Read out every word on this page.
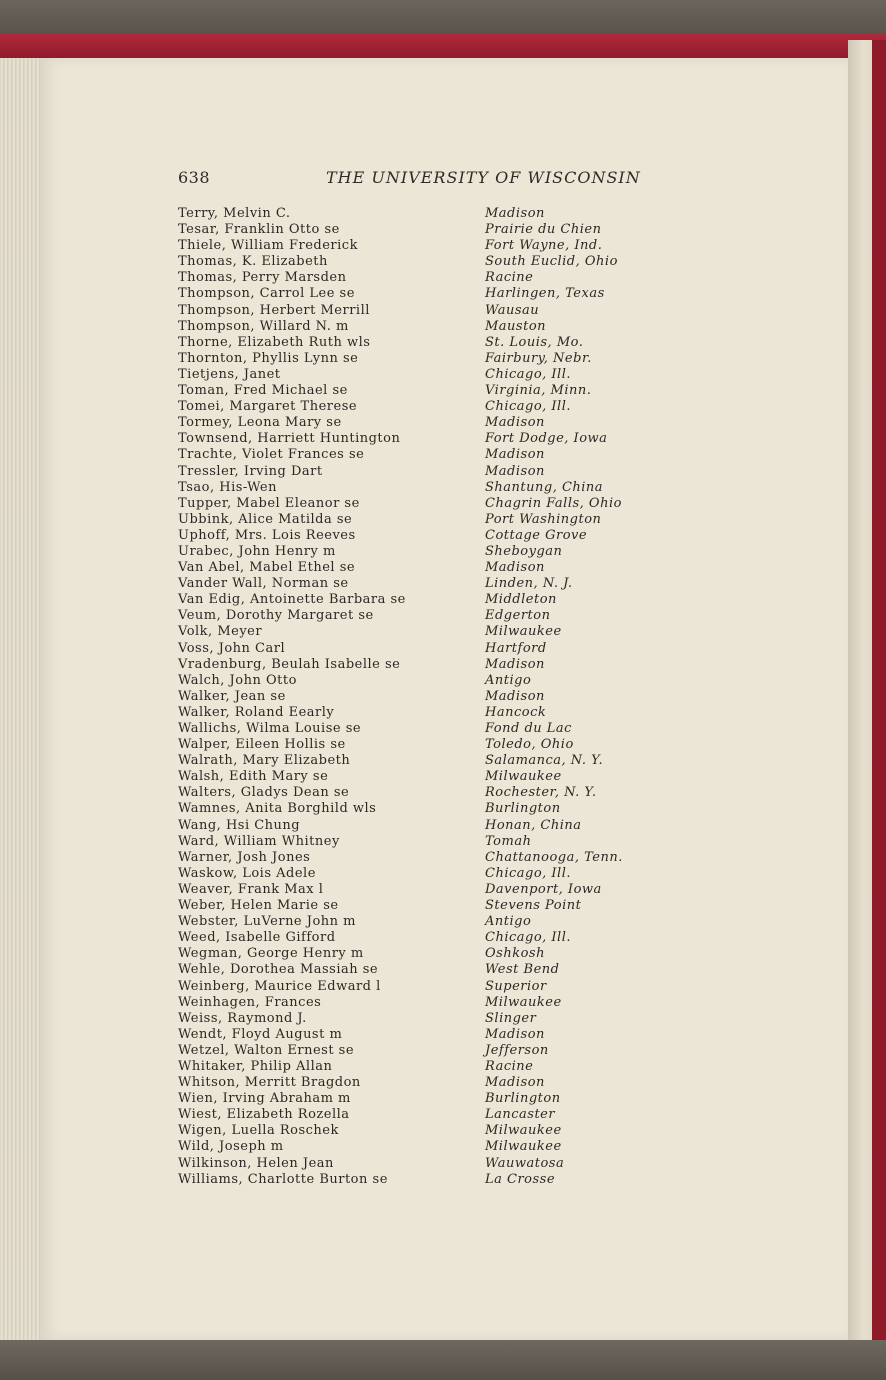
638	THE UNIVERSITY OF WISCONSIN
Terry, Melvin C.	Madison
Tesar, Franklin Otto se	Prairie du Chien
Thiele, William Frederick	Fort Wayne, Ind.
Thomas, K. Elizabeth	South Euclid, Ohio
Thomas, Perry Marsden	Racine
Thompson, Carrol Lee se	Harlingen, Texas
Thompson, Herbert Merrill	Wausau
Thompson, Willard N. m	Mauston
Thorne, Elizabeth Ruth wls	St. Louis, Mo.
Thornton, Phyllis Lynn se	Fairbury, Nebr.
Tietjens, Janet	Chicago, Ill.
Toman, Fred Michael se	Virginia, Minn.
Tomei, Margaret Therese	Chicago, Ill.
Tormey, Leona Mary se	Madison
Townsend, Harriett Huntington	Fort Dodge, Iowa
Trachte, Violet Frances se	Madison
Tressler, Irving Dart	Madison
Tsao, His-Wen	Shantung, China
Tupper, Mabel Eleanor se	Chagrin Falls, Ohio
Ubbink, Alice Matilda se	Port Washington
Uphoff, Mrs. Lois Reeves	Cottage Grove
Urabec, John Henry m	Sheboygan
Van Abel, Mabel Ethel se	Madison
Vander Wall, Norman se	Linden, N. J.
Van Edig, Antoinette Barbara se	Middleton
Veum, Dorothy Margaret se	Edgerton
Volk, Meyer	Milwaukee
Voss, John Carl	Hartford
Vradenburg, Beulah Isabelle se	Madison
Walch, John Otto	Antigo
Walker, Jean se	Madison
Walker, Roland Eearly	Hancock
Wallichs, Wilma Louise se	Fond du Lac
Walper, Eileen Hollis se	Toledo, Ohio
Walrath, Mary Elizabeth	Salamanca, N. Y.
Walsh, Edith Mary se	Milwaukee
Walters, Gladys Dean se	Rochester, N. Y.
Wamnes, Anita Borghild wls	Burlington
Wang, Hsi Chung	Honan, China
Ward, William Whitney	Tomah
Warner, Josh Jones	Chattanooga, Tenn.
Waskow, Lois Adele	Chicago, Ill.
Weaver, Frank Max l	Davenport, Iowa
Weber, Helen Marie se	Stevens Point
Webster, LuVerne John m	Antigo
Weed, Isabelle Gifford	Chicago, Ill.
Wegman, George Henry m	Oshkosh
Wehle, Dorothea Massiah se	West Bend
Weinberg, Maurice Edward l	Superior
Weinhagen, Frances	Milwaukee
Weiss, Raymond J.	Slinger
Wendt, Floyd August m	Madison
Wetzel, Walton Ernest se	Jefferson
Whitaker, Philip Allan	Racine
Whitson, Merritt Bragdon	Madison
Wien, Irving Abraham m	Burlington
Wiest, Elizabeth Rozella	Lancaster
Wigen, Luella Roschek	Milwaukee
Wild, Joseph m	Milwaukee
Wilkinson, Helen Jean	Wauwatosa
Williams, Charlotte Burton se	La Crosse
